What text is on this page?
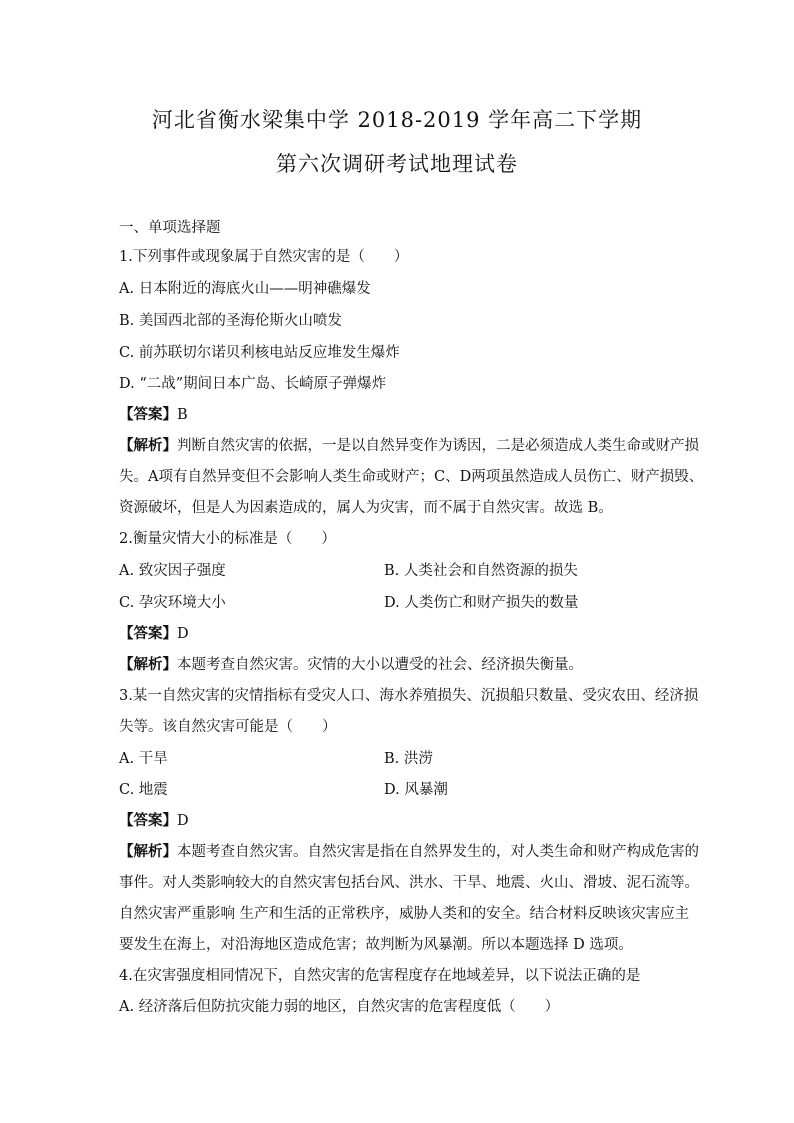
河北省衡水梁集中学 2018-2019 学年高二下学期
第六次调研考试地理试卷
一、单项选择题
1.下列事件或现象属于自然灾害的是（　　）
A. 日本附近的海底火山——明神礁爆发
B. 美国西北部的圣海伦斯火山喷发
C. 前苏联切尔诺贝利核电站反应堆发生爆炸
D. “二战”期间日本广岛、长崎原子弹爆炸
【答案】B
【解析】判断自然灾害的依据，一是以自然异变作为诱因，二是必须造成人类生命或财产损
失。A项有自然异变但不会影响人类生命或财产；C、D两项虽然造成人员伤亡、财产损毁、
资源破坏，但是人为因素造成的，属人为灾害，而不属于自然灾害。故选 B。
2.衡量灾情大小的标准是（　　）
A. 致灾因子强度	B. 人类社会和自然资源的损失
C. 孕灾环境大小	D. 人类伤亡和财产损失的数量
【答案】D
【解析】本题考查自然灾害。灾情的大小以遭受的社会、经济损失衡量。
3.某一自然灾害的灾情指标有受灾人口、海水养殖损失、沉损船只数量、受灾农田、经济损
失等。该自然灾害可能是（　　）
A. 干旱	B. 洪涝
C. 地震	D. 风暴潮
【答案】D
【解析】本题考查自然灾害。自然灾害是指在自然界发生的，对人类生命和财产构成危害的
事件。对人类影响较大的自然灾害包括台风、洪水、干旱、地震、火山、滑坡、泥石流等。
自然灾害严重影响 生产和生活的正常秩序，威胁人类和的安全。结合材料反映该灾害应主
要发生在海上，对沿海地区造成危害；故判断为风暴潮。所以本题选择 D 选项。
4.在灾害强度相同情况下，自然灾害的危害程度存在地域差异，以下说法正确的是
A. 经济落后但防抗灾能力弱的地区，自然灾害的危害程度低（　　）
